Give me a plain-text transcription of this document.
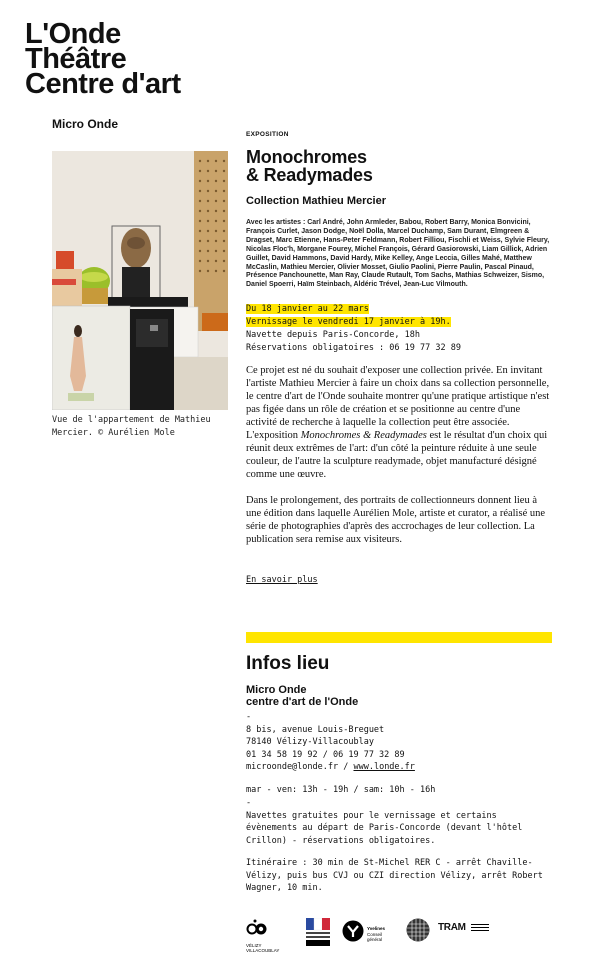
L'Onde
Théâtre
Centre d'art
Micro Onde
Vue de l'appartement de Mathieu Mercier. © Aurélien Mole
EXPOSITION
Monochromes
& Readymades
Collection Mathieu Mercier
Avec les artistes : Carl André, John Armleder, Babou, Robert Barry, Monica Bonvicini, François Curlet, Jason Dodge, Noël Dolla, Marcel Duchamp, Sam Durant, Elmgreen & Dragset, Marc Etienne, Hans-Peter Feldmann, Robert Filliou, Fischli et Weiss, Sylvie Fleury, Nicolas Floc'h, Morgane Fourey, Michel François, Gérard Gasiorowski, Liam Gillick, Adrien Guillet, David Hammons, David Hardy, Mike Kelley, Ange Leccia, Gilles Mahé, Matthew McCaslin, Mathieu Mercier, Olivier Mosset, Giulio Paolini, Pierre Paulin, Pascal Pinaud, Présence Panchounette, Man Ray, Claude Rutault, Tom Sachs, Mathias Schweizer, Sismo, Daniel Spoerri, Haïm Steinbach, Aldéric Trével, Jean-Luc Vilmouth.
Du 18 janvier au 22 mars
Vernissage le vendredi 17 janvier à 19h.
Navette depuis Paris-Concorde, 18h
Réservations obligatoires : 06 19 77 32 89

Ce projet est né du souhait d'exposer une collection privée. En invitant l'artiste Mathieu Mercier à faire un choix dans sa collection personnelle, le centre d'art de l'Onde souhaite montrer qu'une pratique artistique n'est pas figée dans un rôle de création et se positionne au centre d'une activité de recherche à laquelle la collection peut être associée. L'exposition Monochromes & Readymades est le résultat d'un choix qui réunit deux extrêmes de l'art: d'un côté la peinture réduite à une seule couleur, de l'autre la sculpture readymade, objet manufacturé désigné comme une œuvre.

Dans le prolongement, des portraits de collectionneurs donnent lieu à une édition dans laquelle Aurélien Mole, artiste et curator, a réalisé une série de photographies d'après des accrochages de leur collection. La publication sera remise aux visiteurs.

En savoir plus
Infos lieu
Micro Onde
centre d'art de l'Onde
-
8 bis, avenue Louis-Breguet
78140 Vélizy-Villacoublay
01 34 58 19 92 / 06 19 77 32 89
microonde@londe.fr / www.londe.fr

mar - ven: 13h - 19h / sam: 10h - 16h
-
Navettes gratuites pour le vernissage et certains évènements au départ de Paris-Concorde (devant l'hôtel Crillon) - réservations obligatoires.
Itinéraire : 30 min de St-Michel RER C - arrêt Chaville-Vélizy, puis bus CVJ ou CZI direction Vélizy, arrêt Robert Wagner, 10 min.
VÉLIZY VILLACOUBLAY
Yvelines
Conseil général
TRAM
